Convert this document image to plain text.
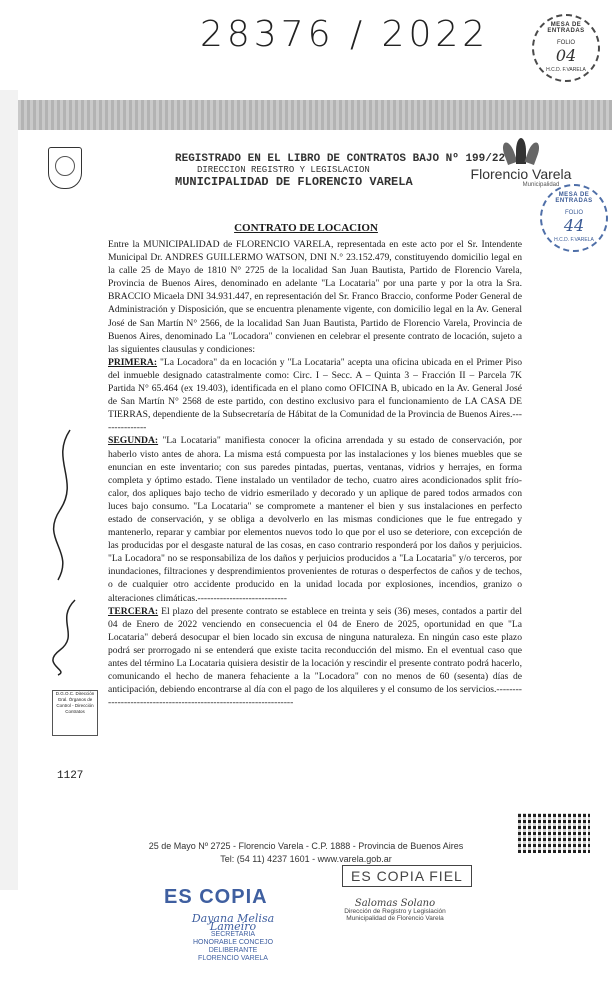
28376 / 2022	MESA DE ENTRADAS
FOLIO
04
H.C.D. F.VARELA
REGISTRADO EN EL LIBRO DE CONTRATOS BAJO Nº 199/22
DIRECCION REGISTRO Y LEGISLACION
MUNICIPALIDAD DE FLORENCIO VARELA	Florencio Varela
Municipalidad
MESA DE ENTRADAS
FOLIO
44
H.C.D. F.VARELA
CONTRATO DE LOCACION

Entre la MUNICIPALIDAD de FLORENCIO VARELA, representada en este acto por el Sr. Intendente Municipal Dr. ANDRES GUILLERMO WATSON, DNI N.° 23.152.479, constituyendo domicilio legal en la calle 25 de Mayo de 1810 N° 2725 de la localidad San Juan Bautista, Partido de Florencio Varela, Provincia de Buenos Aires, denominado en adelante "La Locataria" por una parte y por la otra la Sra. BRACCIO Micaela DNI 34.931.447, en representación del Sr. Franco Braccio, conforme Poder General de Administración y Disposición, que se encuentra plenamente vigente, con domicilio legal en la Av. General José de San Martín N° 2566, de la localidad San Juan Bautista, Partido de Florencio Varela, Provincia de Buenos Aires, denominado La "Locadora" convienen en celebrar el presente contrato de locación, sujeto a las siguientes clausulas y condiciones:

PRIMERA: "La Locadora" da en locación y "La Locataria" acepta una oficina ubicada en el Primer Piso del inmueble designado catastralmente como: Circ. I – Secc. A – Quinta 3 – Fracción II – Parcela 7K Partida N° 65.464 (ex 19.403), identificada en el plano como OFICINA B, ubicado en la Av. General José de San Martín N° 2568 de este partido, con destino exclusivo para el funcionamiento de LA CASA DE TIERRAS, dependiente de la Subsecretaría de Hábitat de la Comunidad de la Provincia de Buenos Aires.---------------

SEGUNDA: "La Locataria" manifiesta conocer la oficina arrendada y su estado de conservación, por haberlo visto antes de ahora. La misma está compuesta por las instalaciones y los bienes muebles que se enuncian en este inventario; con sus paredes pintadas, puertas, ventanas, vidrios y herrajes, en forma completa y óptimo estado. Tiene instalado un ventilador de techo, cuatro aires acondicionados split frío-calor, dos apliques bajo techo de vidrio esmerilado y decorado y un aplique de pared todos armados con luces bajo consumo. "La Locataria" se compromete a mantener el bien y sus instalaciones en perfecto estado de conservación, y se obliga a devolverlo en las mismas condiciones que le fue entregado y mantenerlo, reparar y cambiar por elementos nuevos todo lo que por el uso se deteriore, con excepción de las producidas por el desgaste natural de las cosas, en caso contrario responderá por los daños y perjuicios. "La Locadora" no se responsabiliza de los daños y perjuicios producidos a "La Locataria" y/o terceros, por inundaciones, filtraciones y desprendimientos provenientes de roturas o desperfectos de caños y de techos, o de cualquier otro accidente producido en la unidad locada por explosiones, incendios, granizo o alteraciones climáticas.----------------------------

TERCERA: El plazo del presente contrato se establece en treinta y seis (36) meses, contados a partir del 04 de Enero de 2022 venciendo en consecuencia el 04 de Enero de 2025, oportunidad en que "La Locataria" deberá desocupar el bien locado sin excusa de ninguna naturaleza. En ningún caso este plazo podrá ser prorrogado ni se entenderá que existe tacita reconducción del mismo. En el eventual caso que antes del término La Locataria quisiera desistir de la locación y rescindir el presente contrato podrá hacerlo, comunicando el hecho de manera fehaciente a la "Locadora" con no menos de 60 (sesenta) días de anticipación, debiendo encontrarse al día con el pago de los alquileres y el consumo de los servicios.------------------------------------------------------------------

D.G.O.C. Dirección Gral. Órganos de Control - Dirección Contratos
1127
25 de Mayo Nº 2725 - Florencio Varela - C.P. 1888 - Provincia de Buenos Aires
Tel: (54 11) 4237 1601 - www.varela.gob.ar
ES COPIA FIEL
ES COPIA
Dayana Melisa Lameiro
SECRETARIA
HONORABLE CONCEJO DELIBERANTE
FLORENCIO VARELA
Salomas Solano
Dirección de Registro y Legislación
Municipalidad de Florencio Varela
